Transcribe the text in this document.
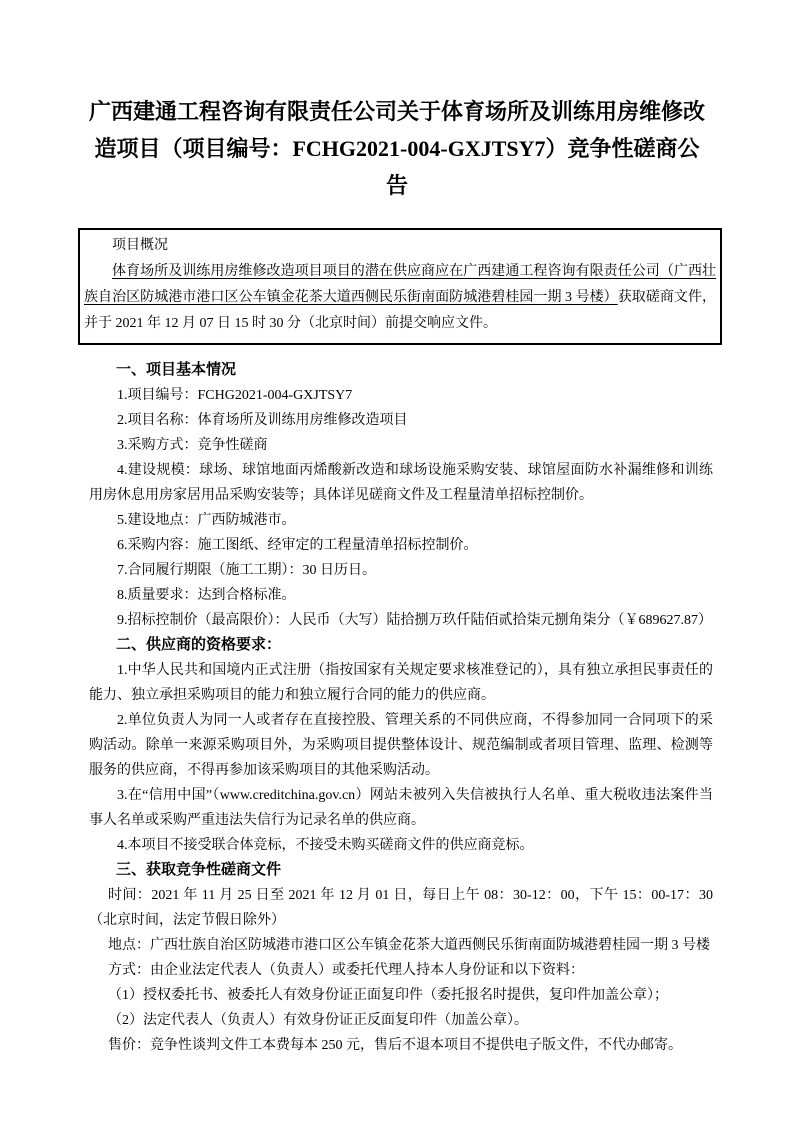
广西建通工程咨询有限责任公司关于体育场所及训练用房维修改造项目（项目编号：FCHG2021-004-GXJTSY7）竞争性磋商公告

项目概况

体育场所及训练用房维修改造项目项目的潜在供应商应在广西建通工程咨询有限责任公司（广西壮族自治区防城港市港口区公车镇金花茶大道西侧民乐街南面防城港碧桂园一期 3 号楼）获取磋商文件，并于 2021 年 12 月 07 日 15 时 30 分（北京时间）前提交响应文件。

一、项目基本情况

1.项目编号：FCHG2021-004-GXJTSY7

2.项目名称：体育场所及训练用房维修改造项目

3.采购方式：竞争性磋商

4.建设规模：球场、球馆地面丙烯酸新改造和球场设施采购安装、球馆屋面防水补漏维修和训练用房休息用房家居用品采购安装等；具体详见磋商文件及工程量清单招标控制价。

5.建设地点：广西防城港市。

6.采购内容：施工图纸、经审定的工程量清单招标控制价。

7.合同履行期限（施工工期）：30 日历日。

8.质量要求：达到合格标准。

9.招标控制价（最高限价）：人民币（大写）陆拾捌万玖仟陆佰贰拾柒元捌角柒分（￥689627.87）

二、供应商的资格要求：

1.中华人民共和国境内正式注册（指按国家有关规定要求核准登记的），具有独立承担民事责任的能力、独立承担采购项目的能力和独立履行合同的能力的供应商。

2.单位负责人为同一人或者存在直接控股、管理关系的不同供应商，不得参加同一合同项下的采购活动。除单一来源采购项目外，为采购项目提供整体设计、规范编制或者项目管理、监理、检测等服务的供应商，不得再参加该采购项目的其他采购活动。

3.在“信用中国”（www.creditchina.gov.cn）网站未被列入失信被执行人名单、重大税收违法案件当事人名单或采购严重违法失信行为记录名单的供应商。

4.本项目不接受联合体竞标，不接受未购买磋商文件的供应商竞标。

三、获取竞争性磋商文件

时间：2021 年 11 月 25 日至 2021 年 12 月 01 日，每日上午 08：30-12：00，下午 15：00-17：30（北京时间，法定节假日除外）

地点：广西壮族自治区防城港市港口区公车镇金花茶大道西侧民乐街南面防城港碧桂园一期 3 号楼

方式：由企业法定代表人（负责人）或委托代理人持本人身份证和以下资料：

（1）授权委托书、被委托人有效身份证正面复印件（委托报名时提供，复印件加盖公章）；

（2）法定代表人（负责人）有效身份证正反面复印件（加盖公章）。

售价：竞争性谈判文件工本费每本 250 元，售后不退本项目不提供电子版文件，不代办邮寄。
